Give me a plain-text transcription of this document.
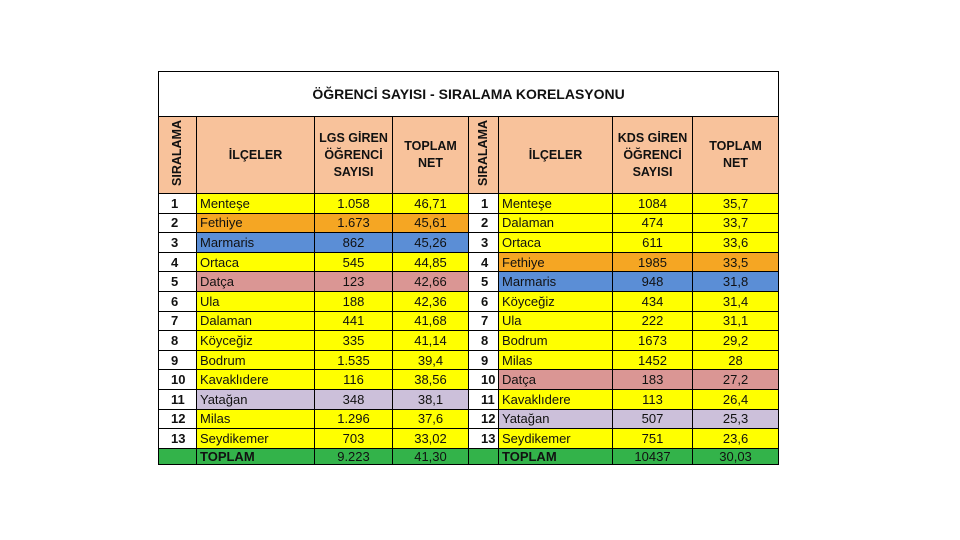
ÖĞRENCİ SAYISI - SIRALAMA KORELASYONU							
SIRALAMA	İLÇELER	LGS GİREN ÖĞRENCİ SAYISI	TOPLAM NET	SIRALAMA	İLÇELER	KDS GİREN ÖĞRENCİ SAYISI	TOPLAM NET

1	Menteşe	1.058	46,71	1	Menteşe	1084	35,7
2	Fethiye	1.673	45,61	2	Dalaman	474	33,7
3	Marmaris	862	45,26	3	Ortaca	611	33,6
4	Ortaca	545	44,85	4	Fethiye	1985	33,5
5	Datça	123	42,66	5	Marmaris	948	31,8
6	Ula	188	42,36	6	Köyceğiz	434	31,4
7	Dalaman	441	41,68	7	Ula	222	31,1
8	Köyceğiz	335	41,14	8	Bodrum	1673	29,2
9	Bodrum	1.535	39,4	9	Milas	1452	28
10	Kavaklıdere	116	38,56	10	Datça	183	27,2
11	Yatağan	348	38,1	11	Kavaklıdere	113	26,4
12	Milas	1.296	37,6	12	Yatağan	507	25,3
13	Seydikemer	703	33,02	13	Seydikemer	751	23,6
	TOPLAM	9.223	41,30		TOPLAM	10437	30,03
